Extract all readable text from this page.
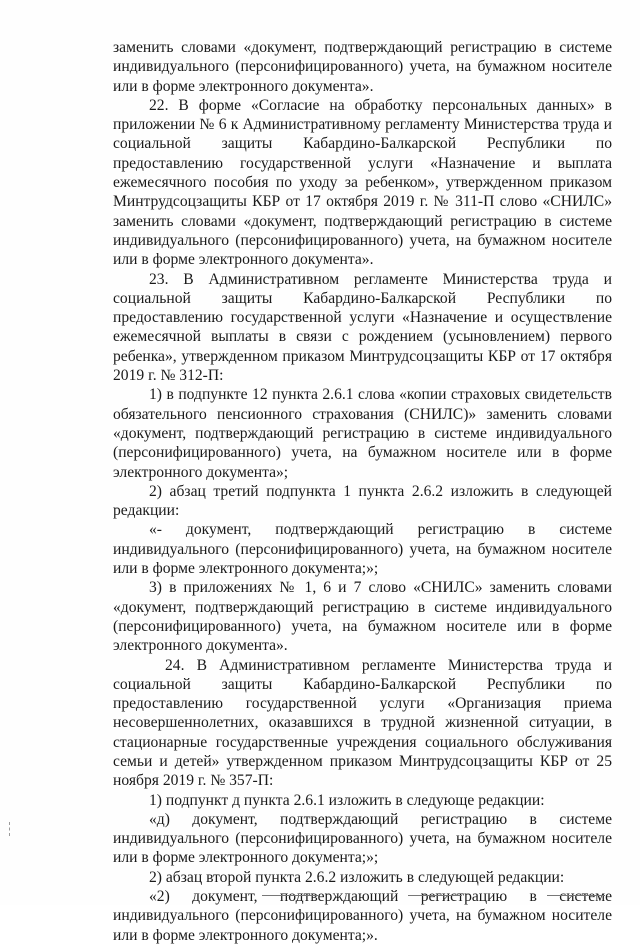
заменить словами «документ, подтверждающий регистрацию в системе индивидуального (персонифицированного) учета, на бумажном носителе или в форме электронного документа».

22. В форме «Согласие на обработку персональных данных» в приложении № 6 к Административному регламенту Министерства труда и социальной защиты Кабардино-Балкарской Республики по предоставлению государственной услуги «Назначение и выплата ежемесячного пособия по уходу за ребенком», утвержденном приказом Минтрудсоцзащиты КБР от 17 октября 2019 г. № 311-П слово «СНИЛС» заменить словами «документ, подтверждающий регистрацию в системе индивидуального (персонифицированного) учета, на бумажном носителе или в форме электронного документа».

23. В Административном регламенте Министерства труда и социальной защиты Кабардино-Балкарской Республики по предоставлению государственной услуги «Назначение и осуществление ежемесячной выплаты в связи с рождением (усыновлением) первого ребенка», утвержденном приказом Минтрудсоцзащиты КБР от 17 октября 2019 г. № 312-П:

1) в подпункте 12 пункта 2.6.1 слова «копии страховых свидетельств обязательного пенсионного страхования (СНИЛС)» заменить словами «документ, подтверждающий регистрацию в системе индивидуального (персонифицированного) учета, на бумажном носителе или в форме электронного документа»;

2) абзац третий подпункта 1 пункта 2.6.2 изложить в следующей редакции:

«- документ, подтверждающий регистрацию в системе индивидуального (персонифицированного) учета, на бумажном носителе или в форме электронного документа;»;

3) в приложениях № 1, 6 и 7 слово «СНИЛС» заменить словами «документ, подтверждающий регистрацию в системе индивидуального (персонифицированного) учета, на бумажном носителе или в форме электронного документа».

24. В Административном регламенте Министерства труда и социальной защиты Кабардино-Балкарской Республики по предоставлению государственной услуги «Организация приема несовершеннолетних, оказавшихся в трудной жизненной ситуации, в стационарные государственные учреждения социального обслуживания семьи и детей» утвержденном приказом Минтрудсоцзащиты КБР от 25 ноября 2019 г. № 357-П:

1) подпункт д пункта 2.6.1 изложить в следующе редакции:

«д) документ, подтверждающий регистрацию в системе индивидуального (персонифицированного) учета, на бумажном носителе или в форме электронного документа;»;

2) абзац второй пункта 2.6.2 изложить в следующей редакции:

«2) документ, подтверждающий регистрацию в системе индивидуального (персонифицированного) учета, на бумажном носителе или в форме электронного документа;».
